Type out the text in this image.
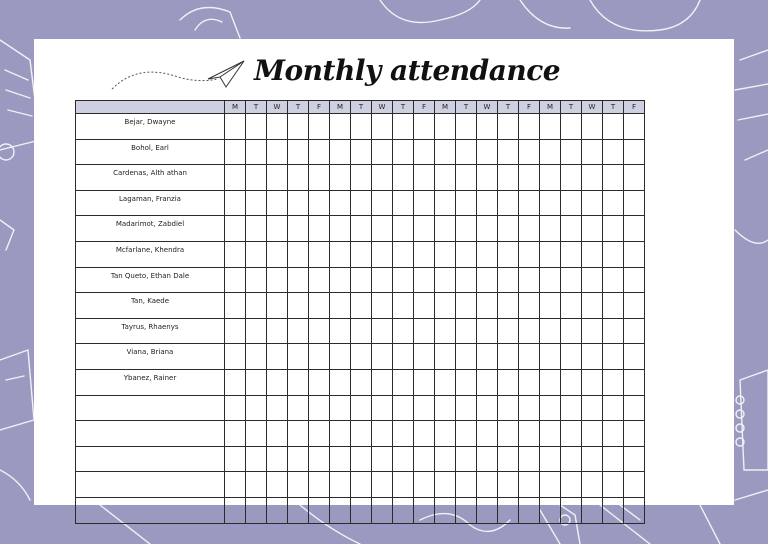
Monthly attendance
	M	T	W	T	F	M	T	W	T	F	M	T	W	T	F	M	T	W	T	F
Bejar, Dwayne																				
Bohol, Earl																				
Cardenas, Alth athan																				
Lagaman, Franzia																				
Madarimot, Zabdiel																				
Mcfarlane, Khendra																				
Tan Queto, Ethan Dale																				
Tan, Kaede																				
Tayrus, Rhaenys																				
Viana, Briana																				
Ybanez, Rainer																				
